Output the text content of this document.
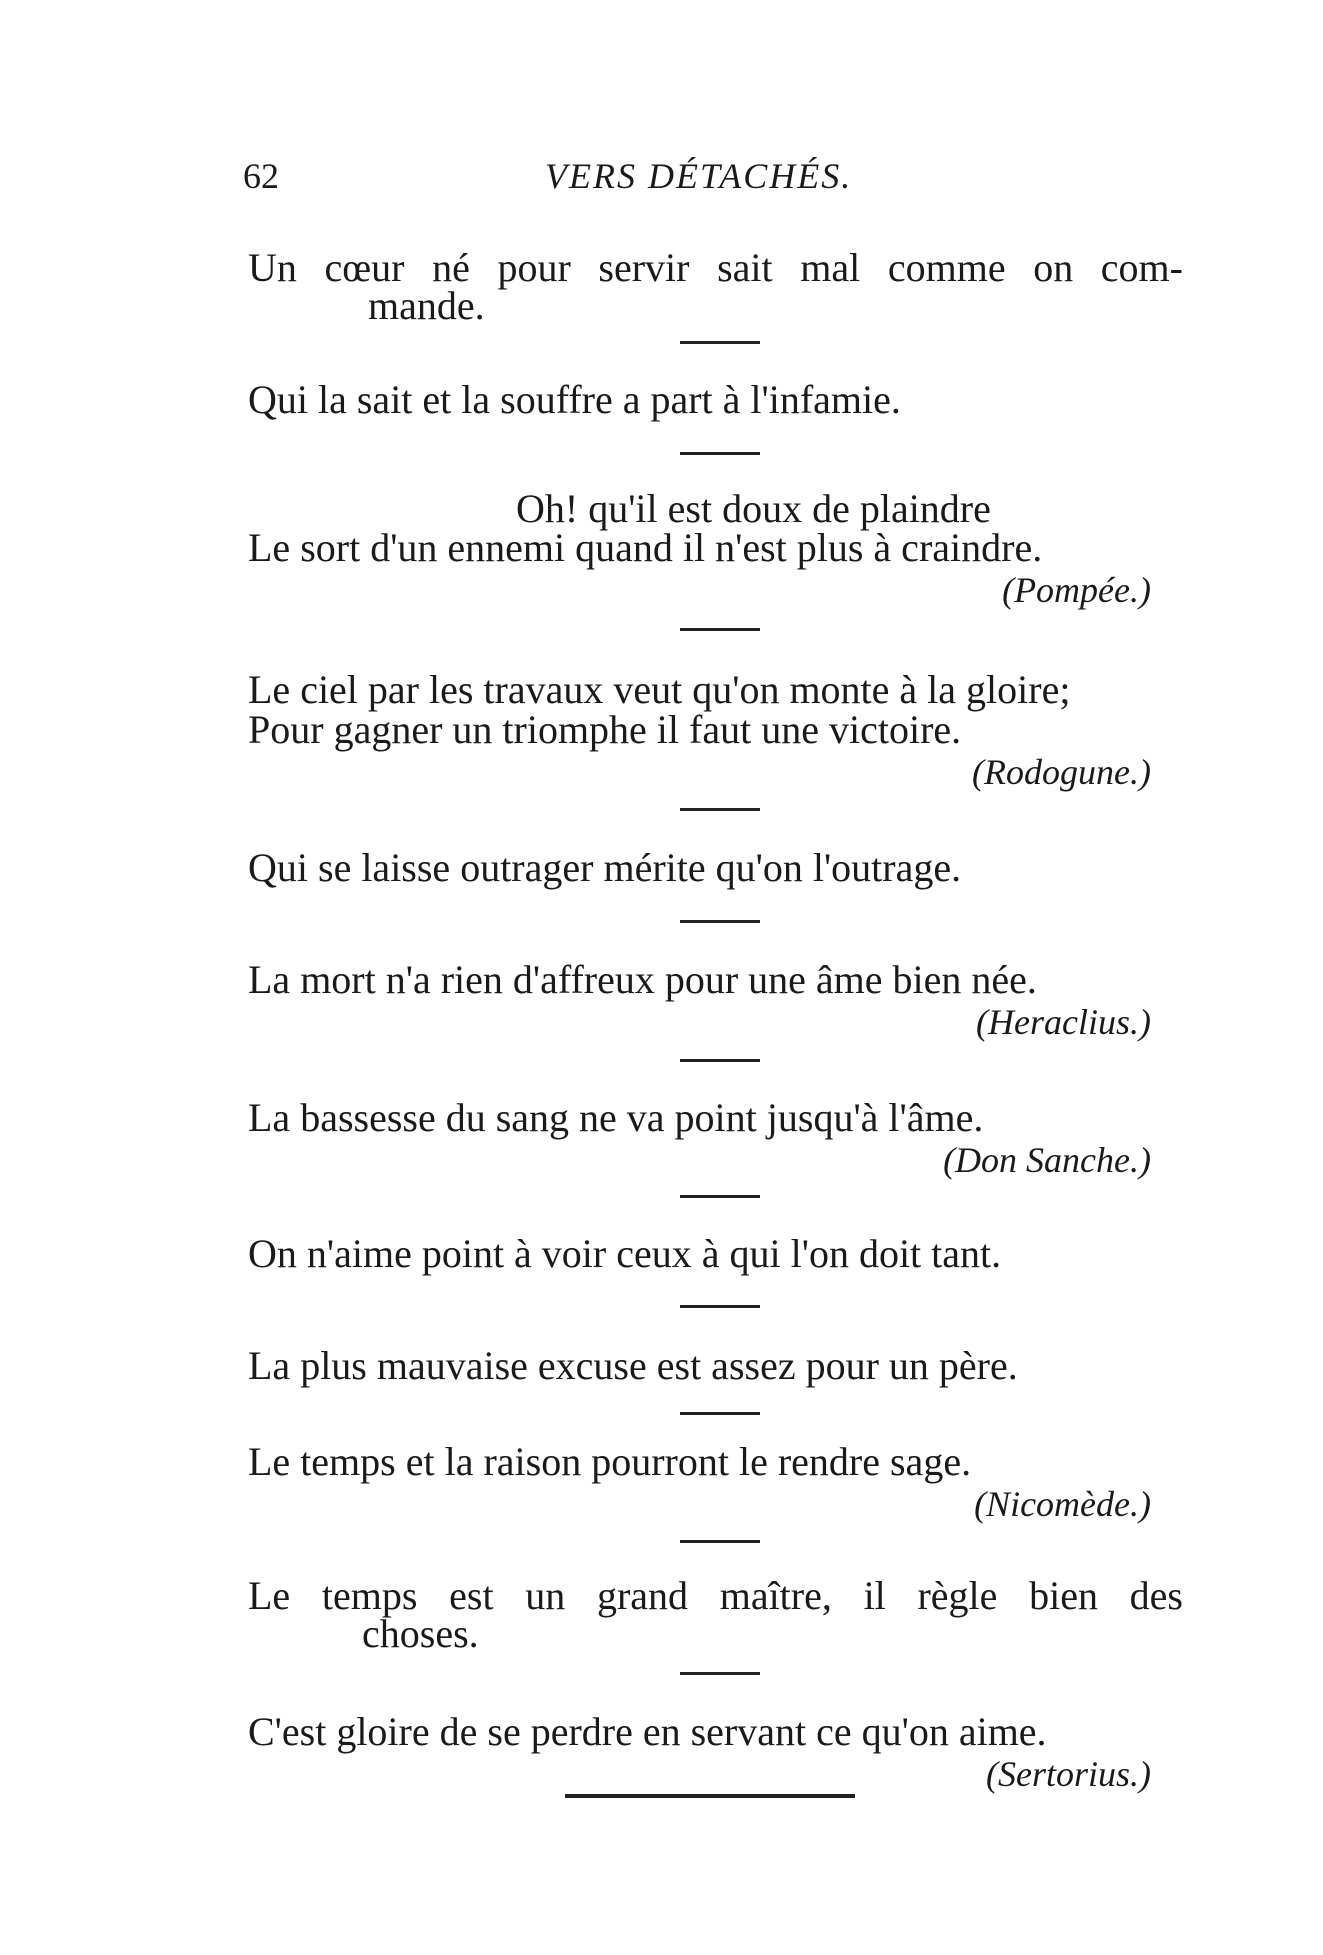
62	VERS DÉTACHÉS.
Un cœur né pour servir sait mal comme on com-
mande.
Qui la sait et la souffre a part à l'infamie.
Oh! qu'il est doux de plaindre
Le sort d'un ennemi quand il n'est plus à craindre.
(Pompée.)
Le ciel par les travaux veut qu'on monte à la gloire;
Pour gagner un triomphe il faut une victoire.
(Rodogune.)
Qui se laisse outrager mérite qu'on l'outrage.
La mort n'a rien d'affreux pour une âme bien née.
(Heraclius.)
La bassesse du sang ne va point jusqu'à l'âme.
(Don Sanche.)
On n'aime point à voir ceux à qui l'on doit tant.
La plus mauvaise excuse est assez pour un père.
Le temps et la raison pourront le rendre sage.
(Nicomède.)
Le temps est un grand maître, il règle bien des
choses.
C'est gloire de se perdre en servant ce qu'on aime.
(Sertorius.)
